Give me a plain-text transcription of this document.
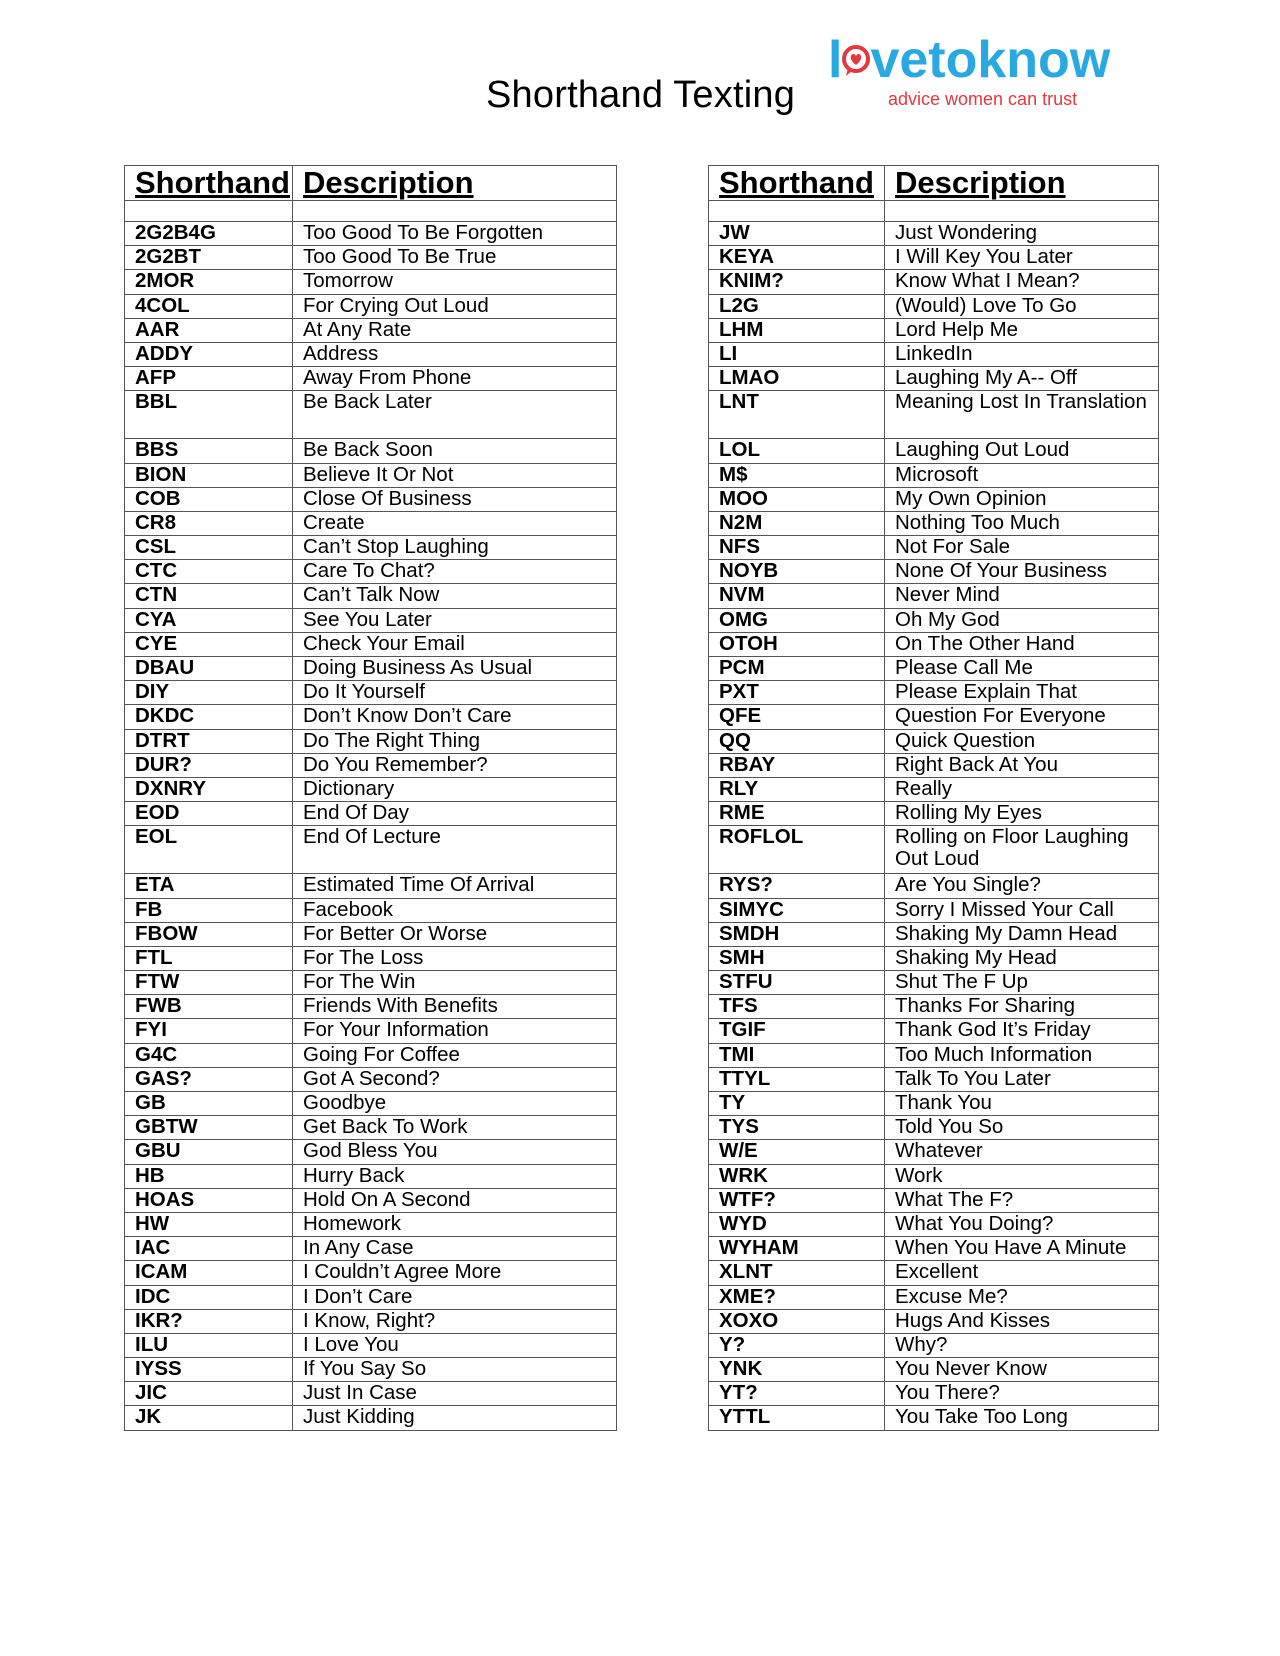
Shorthand Texting
l vetoknow
advice women can trust
Shorthand	Description

2G2B4G	Too Good To Be Forgotten
2G2BT	Too Good To Be True
2MOR	Tomorrow
4COL	For Crying Out Loud
AAR	At Any Rate
ADDY	Address
AFP	Away From Phone
BBL	Be Back Later
BBS	Be Back Soon
BION	Believe It Or Not
COB	Close Of Business
CR8	Create
CSL	Can’t Stop Laughing
CTC	Care To Chat?
CTN	Can’t Talk Now
CYA	See You Later
CYE	Check Your Email
DBAU	Doing Business As Usual
DIY	Do It Yourself
DKDC	Don’t Know Don’t Care
DTRT	Do The Right Thing
DUR?	Do You Remember?
DXNRY	Dictionary
EOD	End Of Day
EOL	End Of Lecture
ETA	Estimated Time Of Arrival
FB	Facebook
FBOW	For Better Or Worse
FTL	For The Loss
FTW	For The Win
FWB	Friends With Benefits
FYI	For Your Information
G4C	Going For Coffee
GAS?	Got A Second?
GB	Goodbye
GBTW	Get Back To Work
GBU	God Bless You
HB	Hurry Back
HOAS	Hold On A Second
HW	Homework
IAC	In Any Case
ICAM	I Couldn’t Agree More
IDC	I Don’t Care
IKR?	I Know, Right?
ILU	I Love You
IYSS	If You Say So
JIC	Just In Case
JK	Just Kidding
Shorthand	Description

JW	Just Wondering
KEYA	I Will Key You Later
KNIM?	Know What I Mean?
L2G	(Would) Love To Go
LHM	Lord Help Me
LI	LinkedIn
LMAO	Laughing My A-- Off
LNT	Meaning Lost In Translation
LOL	Laughing Out Loud
M$	Microsoft
MOO	My Own Opinion
N2M	Nothing Too Much
NFS	Not For Sale
NOYB	None Of Your Business
NVM	Never Mind
OMG	Oh My God
OTOH	On The Other Hand
PCM	Please Call Me
PXT	Please Explain That
QFE	Question For Everyone
QQ	Quick Question
RBAY	Right Back At You
RLY	Really
RME	Rolling My Eyes
ROFLOL	Rolling on Floor Laughing Out Loud
RYS?	Are You Single?
SIMYC	Sorry I Missed Your Call
SMDH	Shaking My Damn Head
SMH	Shaking My Head
STFU	Shut The F Up
TFS	Thanks For Sharing
TGIF	Thank God It’s Friday
TMI	Too Much Information
TTYL	Talk To You Later
TY	Thank You
TYS	Told You So
W/E	Whatever
WRK	Work
WTF?	What The F?
WYD	What You Doing?
WYHAM	When You Have A Minute
XLNT	Excellent
XME?	Excuse Me?
XOXO	Hugs And Kisses
Y?	Why?
YNK	You Never Know
YT?	You There?
YTTL	You Take Too Long
